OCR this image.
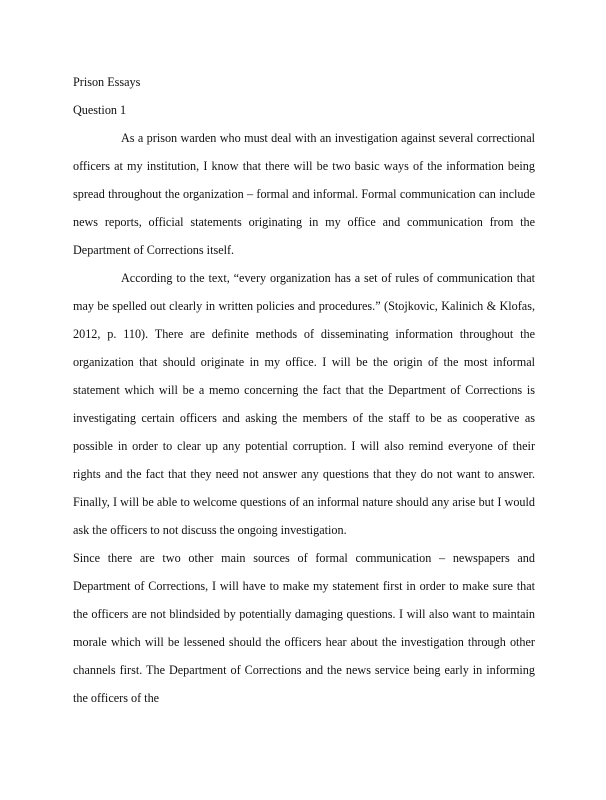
Prison Essays

Question 1

As a prison warden who must deal with an investigation against several correctional officers at my institution, I know that there will be two basic ways of the information being spread throughout the organization – formal and informal. Formal communication can include news reports, official statements originating in my office and communication from the Department of Corrections itself.

According to the text, “every organization has a set of rules of communication that may be spelled out clearly in written policies and procedures.” (Stojkovic, Kalinich & Klofas, 2012, p. 110). There are definite methods of disseminating information throughout the organization that should originate in my office. I will be the origin of the most informal statement which will be a memo concerning the fact that the Department of Corrections is investigating certain officers and asking the members of the staff to be as cooperative as possible in order to clear up any potential corruption. I will also remind everyone of their rights and the fact that they need not answer any questions that they do not want to answer. Finally, I will be able to welcome questions of an informal nature should any arise but I would ask the officers to not discuss the ongoing investigation.

Since there are two other main sources of formal communication – newspapers and Department of Corrections, I will have to make my statement first in order to make sure that the officers are not blindsided by potentially damaging questions. I will also want to maintain morale which will be lessened should the officers hear about the investigation through other channels first. The Department of Corrections and the news service being early in informing the officers of the
